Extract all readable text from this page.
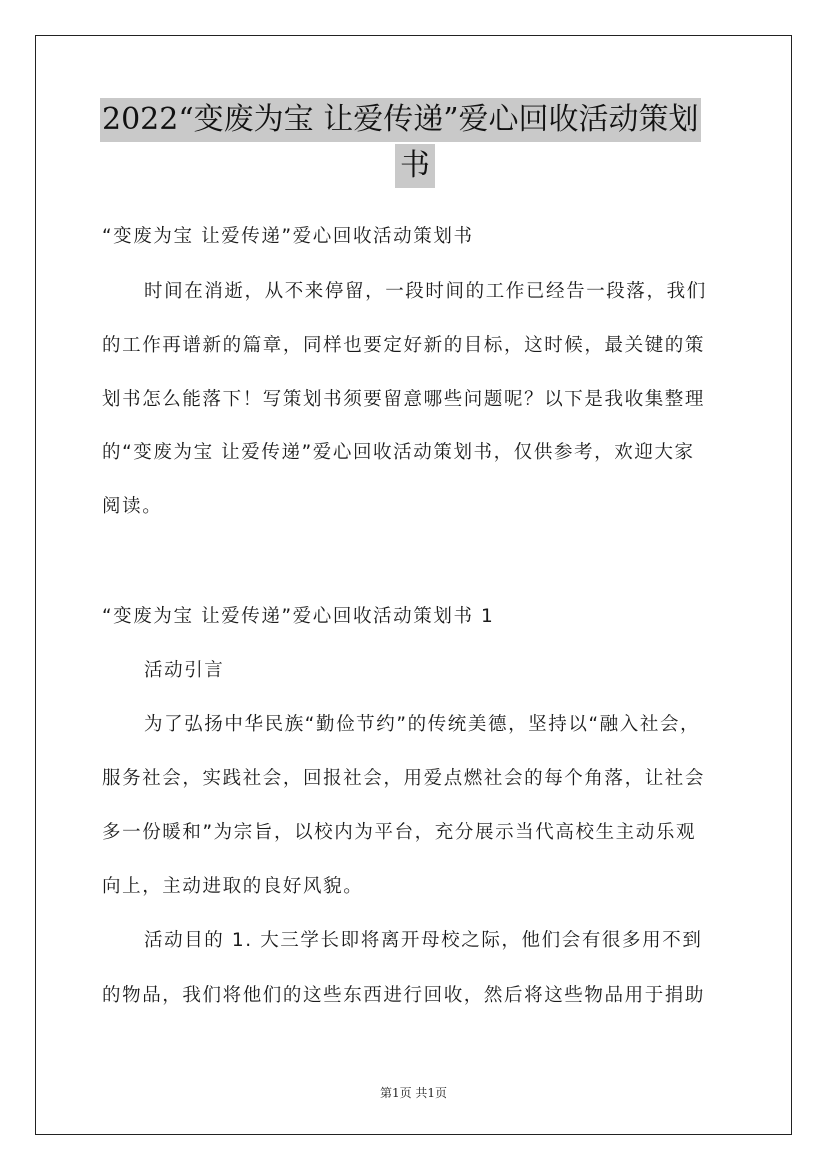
2022“变废为宝 让爱传递”爱心回收活动策划
书
“变废为宝 让爱传递”爱心回收活动策划书
时间在消逝，从不来停留，一段时间的工作已经告一段落，我们
的工作再谱新的篇章，同样也要定好新的目标，这时候，最关键的策
划书怎么能落下！写策划书须要留意哪些问题呢？以下是我收集整理
的“变废为宝 让爱传递”爱心回收活动策划书，仅供参考，欢迎大家
阅读。
“变废为宝 让爱传递”爱心回收活动策划书 1
活动引言
为了弘扬中华民族“勤俭节约”的传统美德，坚持以“融入社会，
服务社会，实践社会，回报社会，用爱点燃社会的每个角落，让社会
多一份暖和”为宗旨，以校内为平台，充分展示当代高校生主动乐观
向上，主动进取的良好风貌。
活动目的 1. 大三学长即将离开母校之际，他们会有很多用不到
的物品，我们将他们的这些东西进行回收，然后将这些物品用于捐助
第1页 共1页
